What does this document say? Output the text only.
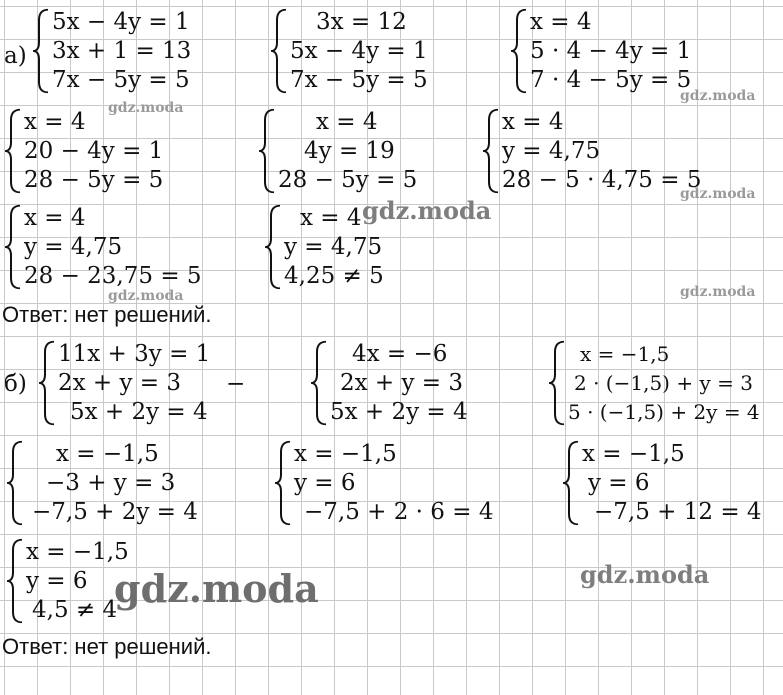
а)
5x − 4y = 1
3x + 1 = 13
7x − 5y = 5
3x = 12
5x − 4y = 1
7x − 5y = 5
x = 4
5 · 4 − 4y = 1
7 · 4 − 5y = 5
x = 4
20 − 4y = 1
28 − 5y = 5
x = 4
4y = 19
28 − 5y = 5
x = 4
y = 4,75
28 − 5 · 4,75 = 5
x = 4
y = 4,75
28 − 23,75 = 5
x = 4
y = 4,75
4,25 ≠ 5
Ответ: нет решений.
б)	−
11x + 3y = 1
2x + y = 3
5x + 2y = 4
4x = −6
2x + y = 3
5x + 2y = 4
x = −1,5
2 · (−1,5) + y = 3
5 · (−1,5) + 2y = 4
x = −1,5
−3 + y = 3
−7,5 + 2y = 4
x = −1,5
y = 6
−7,5 + 2 · 6 = 4
x = −1,5
y = 6
−7,5 + 12 = 4
x = −1,5
y = 6
4,5 ≠ 4
Ответ: нет решений.
gdz.moda
gdz.moda
gdz.moda
gdz.moda
gdz.moda	gdz.moda
gdz.moda
gdz.moda
